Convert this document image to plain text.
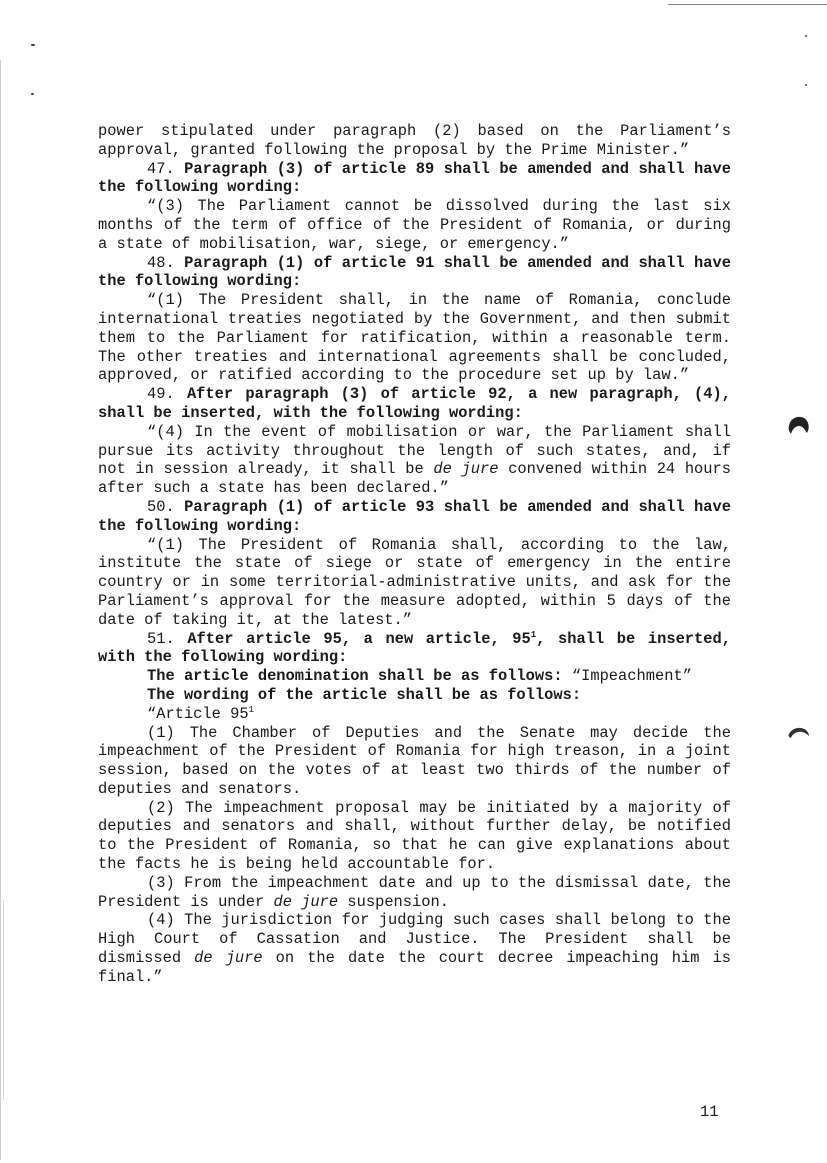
power stipulated under paragraph (2) based on the Parliament’s approval, granted following the proposal by the Prime Minister.”

47. Paragraph (3) of article 89 shall be amended and shall have the following wording:

“(3) The Parliament cannot be dissolved during the last six months of the term of office of the President of Romania, or during a state of mobilisation, war, siege, or emergency.”

48. Paragraph (1) of article 91 shall be amended and shall have the following wording:

“(1) The President shall, in the name of Romania, conclude international treaties negotiated by the Government, and then submit them to the Parliament for ratification, within a reasonable term. The other treaties and international agreements shall be concluded, approved, or ratified according to the procedure set up by law.”

49. After paragraph (3) of article 92, a new paragraph, (4), shall be inserted, with the following wording:

“(4) In the event of mobilisation or war, the Parliament shall pursue its activity throughout the length of such states, and, if not in session already, it shall be de jure convened within 24 hours after such a state has been declared.”

50. Paragraph (1) of article 93 shall be amended and shall have the following wording:

“(1) The President of Romania shall, according to the law, institute the state of siege or state of emergency in the entire country or in some territorial-administrative units, and ask for the Parliament’s approval for the measure adopted, within 5 days of the date of taking it, at the latest.”

51. After article 95, a new article, $95^1$, shall be inserted, with the following wording:

The article denomination shall be as follows: “Impeachment”

The wording of the article shall be as follows:

“Article $95^1$

(1) The Chamber of Deputies and the Senate may decide the impeachment of the President of Romania for high treason, in a joint session, based on the votes of at least two thirds of the number of deputies and senators.

(2) The impeachment proposal may be initiated by a majority of deputies and senators and shall, without further delay, be notified to the President of Romania, so that he can give explanations about the facts he is being held accountable for.

(3) From the impeachment date and up to the dismissal date, the President is under de jure suspension.

(4) The jurisdiction for judging such cases shall belong to the High Court of Cassation and Justice. The President shall be dismissed de jure on the date the court decree impeaching him is final.”

11
